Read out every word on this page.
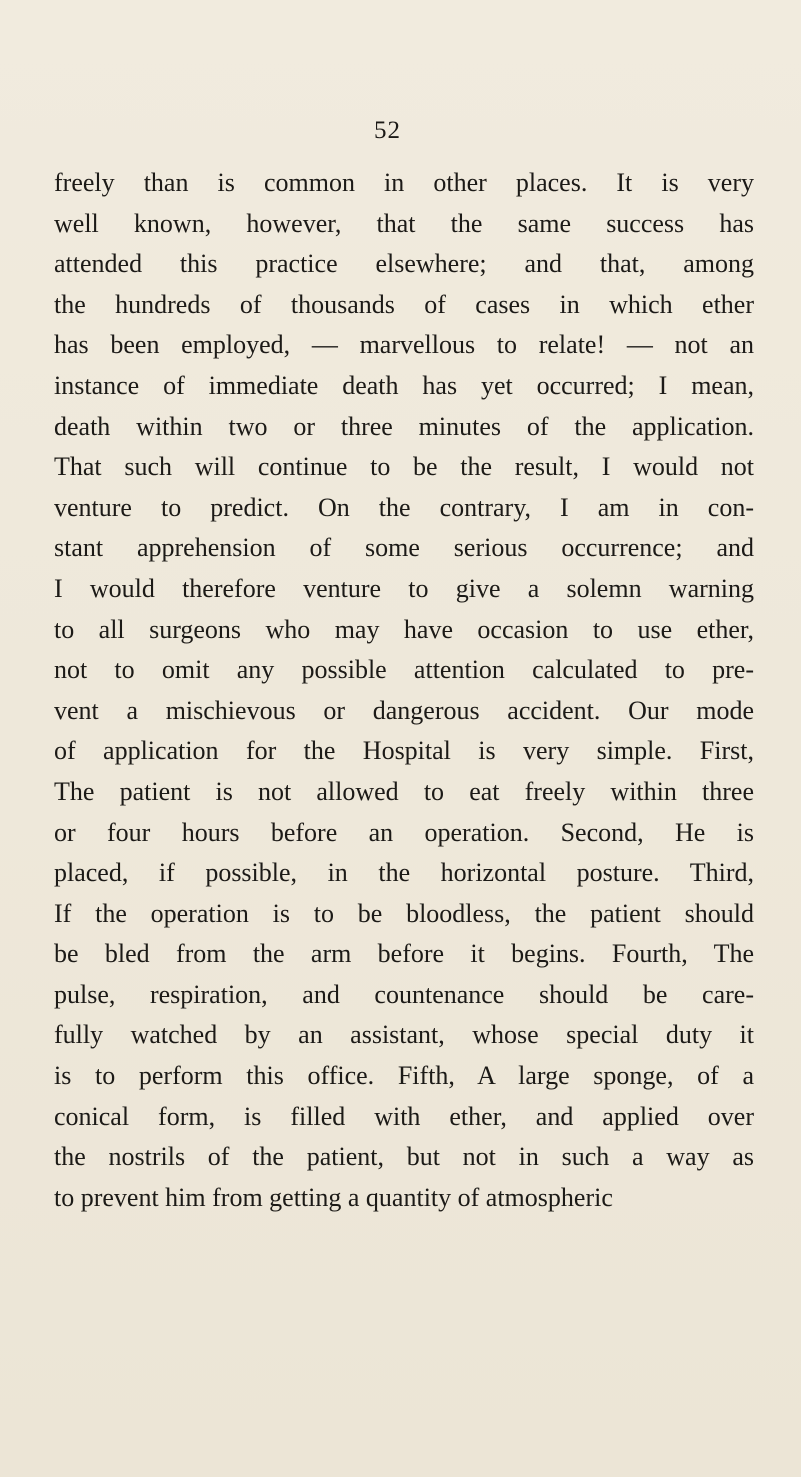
52
freely than is common in other places. It is very
well known, however, that the same success has
attended this practice elsewhere; and that, among
the hundreds of thousands of cases in which ether
has been employed, — marvellous to relate! — not an
instance of immediate death has yet occurred; I mean,
death within two or three minutes of the application.
That such will continue to be the result, I would not
venture to predict. On the contrary, I am in con-
stant apprehension of some serious occurrence; and
I would therefore venture to give a solemn warning
to all surgeons who may have occasion to use ether,
not to omit any possible attention calculated to pre-
vent a mischievous or dangerous accident. Our mode
of application for the Hospital is very simple. First,
The patient is not allowed to eat freely within three
or four hours before an operation. Second, He is
placed, if possible, in the horizontal posture. Third,
If the operation is to be bloodless, the patient should
be bled from the arm before it begins. Fourth, The
pulse, respiration, and countenance should be care-
fully watched by an assistant, whose special duty it
is to perform this office. Fifth, A large sponge, of a
conical form, is filled with ether, and applied over
the nostrils of the patient, but not in such a way as
to prevent him from getting a quantity of atmospheric
